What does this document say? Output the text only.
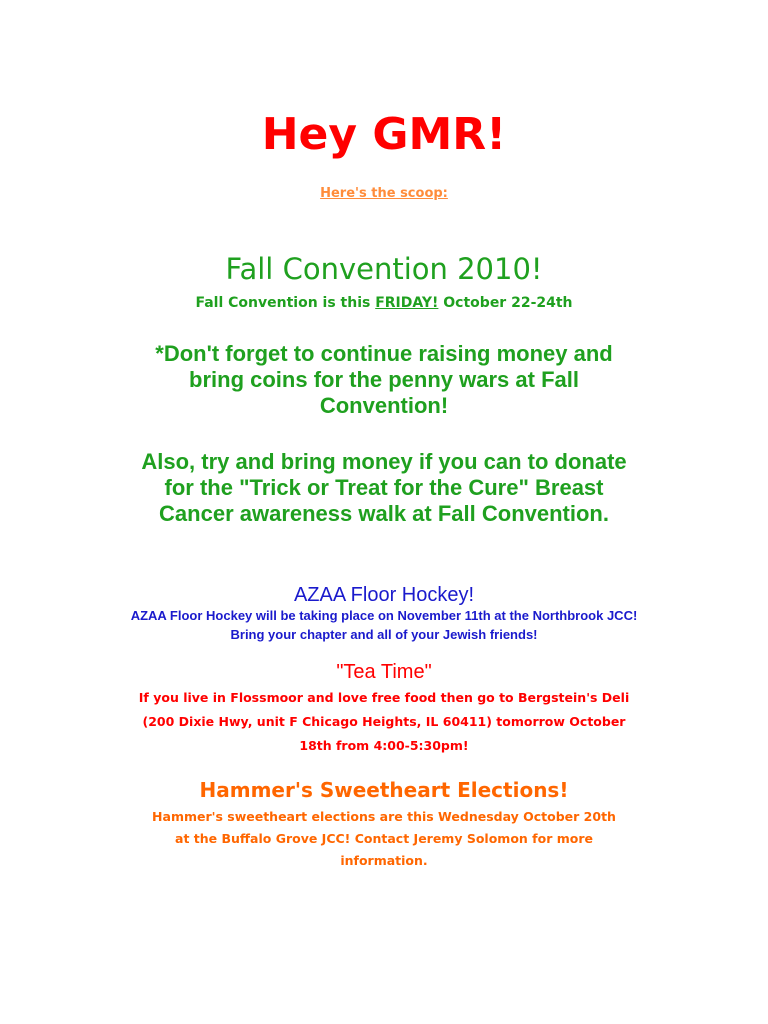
Hey GMR!
Here's the scoop:
Fall Convention 2010!
Fall Convention is this FRIDAY! October 22-24th
*Don't forget to continue raising money and bring coins for the penny wars at Fall Convention!
Also, try and bring money if you can to donate for the "Trick or Treat for the Cure" Breast Cancer awareness walk at Fall Convention.
AZAA Floor Hockey!
AZAA Floor Hockey will be taking place on November 11th at the Northbrook JCC! Bring your chapter and all of your Jewish friends!
"Tea Time"
If you live in Flossmoor and love free food then go to Bergstein's Deli (200 Dixie Hwy, unit F Chicago Heights, IL 60411) tomorrow October 18th from 4:00-5:30pm!
Hammer's Sweetheart Elections!
Hammer's sweetheart elections are this Wednesday October 20th at the Buffalo Grove JCC! Contact Jeremy Solomon for more information.
